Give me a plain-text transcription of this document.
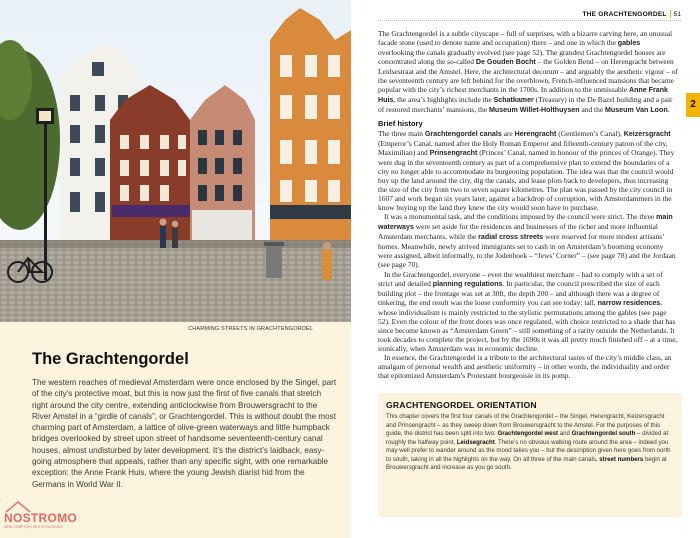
CHARMING STREETS IN GRACHTENGORDEL
The Grachtengordel

The western reaches of medieval Amsterdam were once enclosed by the Singel, part of the city’s protective moat, but this is now just the first of five canals that stretch right around the city centre, extending anticlockwise from Brouwersgracht to the River Amstel in a “girdle of canals”, or Grachtengordel. This is without doubt the most charming part of Amsterdam, a lattice of olive-green waterways and little humpback bridges overlooked by street upon street of handsome seventeenth-century canal houses, almost undisturbed by later development. It’s the district’s laidback, easy-going atmosphere that appeals, rather than any specific sight, with one remarkable exception: the Anne Frank Huis, where the young Jewish diarist hid from the Germans in World War II.

NOSTROMO
WEB COMPTOIR DES VOYAGEURS
THE GRACHTENGORDEL 51
2

The Grachtengordel is a subtle cityscape – full of surprises, with a bizarre carving here, an unusual facade stone (used to denote name and occupation) there – and one in which the gables overlooking the canals gradually evolved (see page 52). The grandest Grachtengordel houses are concentrated along the so-called De Gouden Bocht – the Golden Bend – on Herengracht between Leidsestraat and the Amstel. Here, the architectural decorum – and arguably the aesthetic vigour – of the seventeenth century are left behind for the overblown, French-influenced mansions that became popular with the city’s richest merchants in the 1700s. In addition to the unmissable Anne Frank Huis, the area’s highlights include the Schatkamer (Treasury) in the De Bazel building and a pair of restored merchants’ mansions, the Museum Willet-Holthuysen and the Museum Van Loon.

Brief history

The three main Grachtengordel canals are Herengracht (Gentlemen’s Canal), Keizersgracht (Emperor’s Canal, named after the Holy Roman Emperor and fifteenth-century patron of the city, Maximilian) and Prinsengracht (Princes’ Canal, named in honour of the princes of Orange). They were dug in the seventeenth century as part of a comprehensive plan to extend the boundaries of a city no longer able to accommodate its burgeoning population. The idea was that the council would buy up the land around the city, dig the canals, and lease plots back to developers, thus increasing the size of the city from two to seven square kilometres. The plan was passed by the city council in 1607 and work began six years later, against a backdrop of corruption, with Amsterdammers in the know buying up the land they knew the city would soon have to purchase.

It was a monumental task, and the conditions imposed by the council were strict. The three main waterways were set aside for the residences and businesses of the richer and more influential Amsterdam merchants, while the radial cross streets were reserved for more modest artisans’ homes. Meanwhile, newly arrived immigrants set to cash in on Amsterdam’s booming economy were assigned, albeit informally, to the Jodenhoek – “Jews’ Corner” – (see page 78) and the Jordaan (see page 70).

In the Grachtengordel, everyone – even the wealthiest merchant – had to comply with a set of strict and detailed planning regulations. In particular, the council prescribed the size of each building plot – the frontage was set at 30ft, the depth 200 – and although there was a degree of tinkering, the end result was the loose conformity you can see today: tall, narrow residences, whose individualism is mainly restricted to the stylistic permutations among the gables (see page 52). Even the colour of the front doors was once regulated, with choice restricted to a shade that has since become known as “Amsterdam Green” – still something of a rarity outside the Netherlands. It took decades to complete the project, but by the 1690s it was all pretty much finished off – at a time, ironically, when Amsterdam was in economic decline.

In essence, the Grachtengordel is a tribute to the architectural tastes of the city’s middle class, an amalgam of personal wealth and aesthetic uniformity – in other words, the individuality and order that epitomized Amsterdam’s Protestant bourgeoisie in its pomp.

GRACHTENGORDEL ORIENTATION

This chapter covers the first four canals of the Grachtengordel – the Singel, Herengracht, Keizersgracht and Prinsengracht – as they sweep down from Brouwersgracht to the Amstel. For the purposes of this guide, the district has been split into two: Grachtengordel west and Grachtengordel south – divided at roughly the halfway point, Leidsegracht. There’s no obvious walking route around the area – indeed you may well prefer to wander around as the mood takes you – but the description given here goes from north to south, taking in all the highlights on the way. On all three of the main canals, street numbers begin at Brouwersgracht and increase as you go south.
